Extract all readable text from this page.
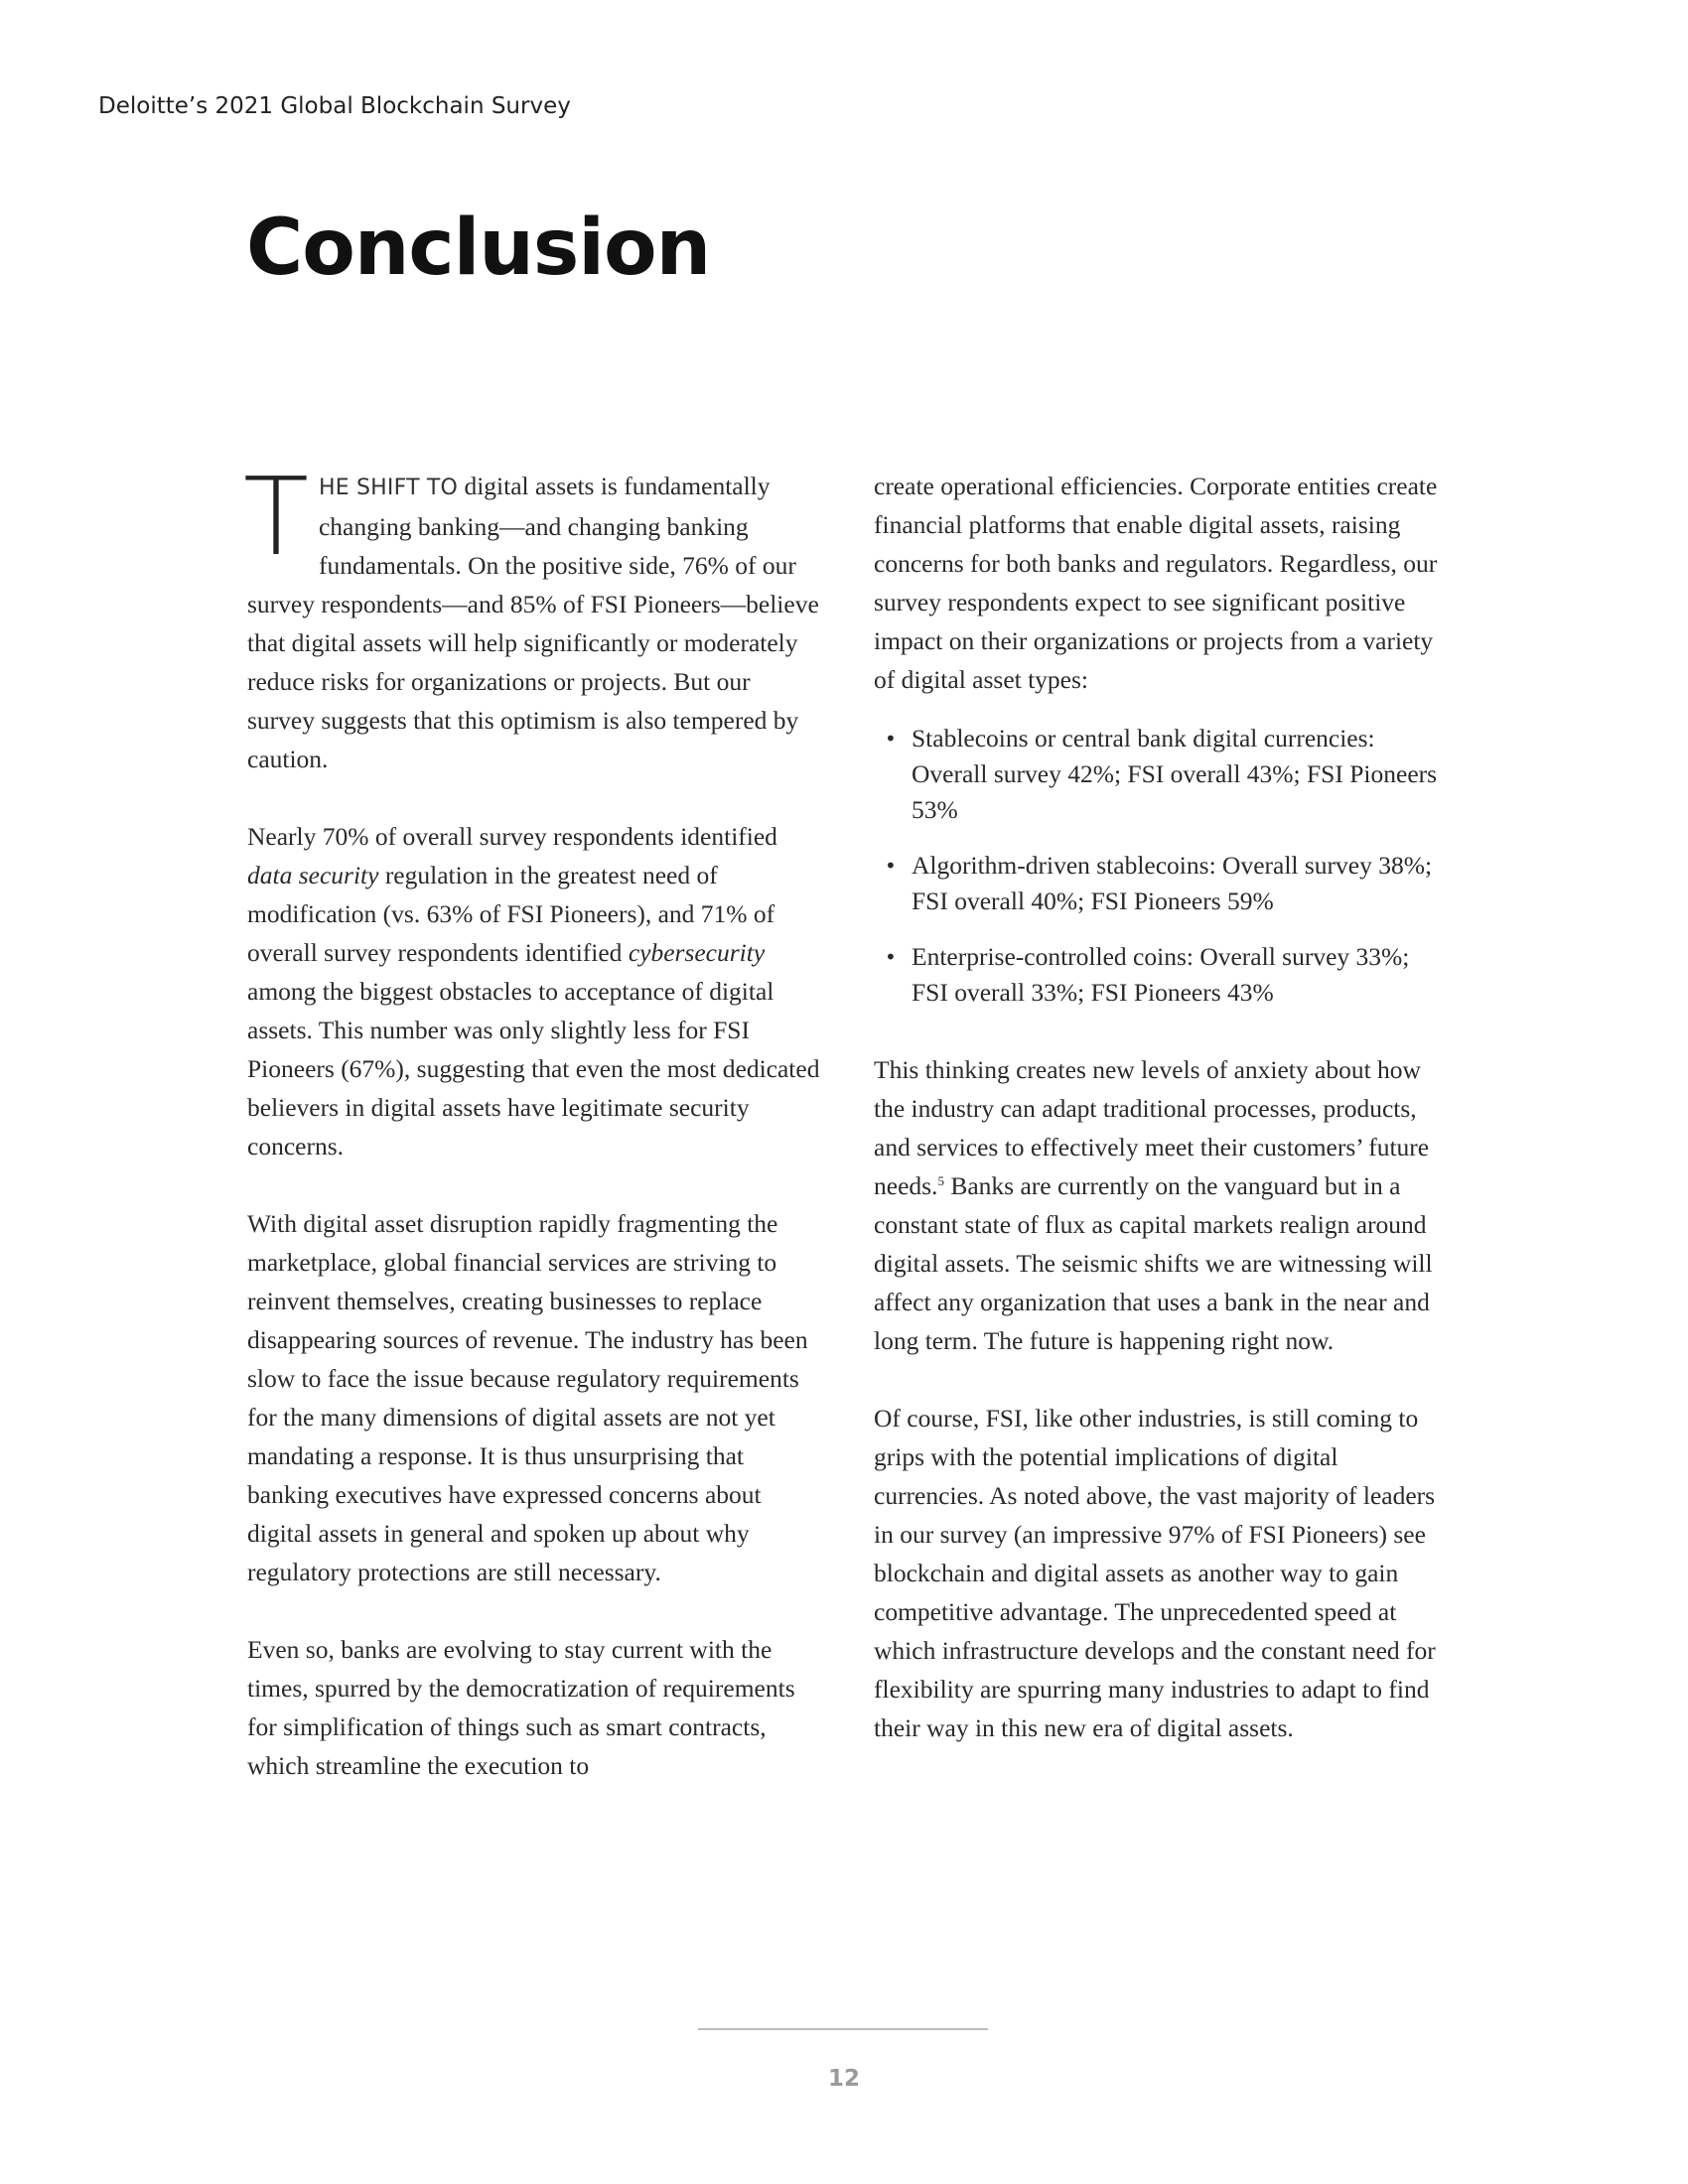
Deloitte’s 2021 Global Blockchain Survey
Conclusion

THE SHIFT TO digital assets is fundamentally changing banking—and changing banking fundamentals. On the positive side, 76% of our survey respondents—and 85% of FSI Pioneers—believe that digital assets will help significantly or moderately reduce risks for organizations or projects. But our survey suggests that this optimism is also tempered by caution.

Nearly 70% of overall survey respondents identified data security regulation in the greatest need of modification (vs. 63% of FSI Pioneers), and 71% of overall survey respondents identified cybersecurity among the biggest obstacles to acceptance of digital assets. This number was only slightly less for FSI Pioneers (67%), suggesting that even the most dedicated believers in digital assets have legitimate security concerns.

With digital asset disruption rapidly fragmenting the marketplace, global financial services are striving to reinvent themselves, creating businesses to replace disappearing sources of revenue. The industry has been slow to face the issue because regulatory requirements for the many dimensions of digital assets are not yet mandating a response. It is thus unsurprising that banking executives have expressed concerns about digital assets in general and spoken up about why regulatory protections are still necessary.

Even so, banks are evolving to stay current with the times, spurred by the democratization of requirements for simplification of things such as smart contracts, which streamline the execution to

create operational efficiencies. Corporate entities create financial platforms that enable digital assets, raising concerns for both banks and regulators. Regardless, our survey respondents expect to see significant positive impact on their organizations or projects from a variety of digital asset types:

• Stablecoins or central bank digital currencies: Overall survey 42%; FSI overall 43%; FSI Pioneers 53%
• Algorithm-driven stablecoins: Overall survey 38%; FSI overall 40%; FSI Pioneers 59%
• Enterprise-controlled coins: Overall survey 33%; FSI overall 33%; FSI Pioneers 43%

This thinking creates new levels of anxiety about how the industry can adapt traditional processes, products, and services to effectively meet their customers’ future needs.$^5$ Banks are currently on the vanguard but in a constant state of flux as capital markets realign around digital assets. The seismic shifts we are witnessing will affect any organization that uses a bank in the near and long term. The future is happening right now.

Of course, FSI, like other industries, is still coming to grips with the potential implications of digital currencies. As noted above, the vast majority of leaders in our survey (an impressive 97% of FSI Pioneers) see blockchain and digital assets as another way to gain competitive advantage. The unprecedented speed at which infrastructure develops and the constant need for flexibility are spurring many industries to adapt to find their way in this new era of digital assets.

12
